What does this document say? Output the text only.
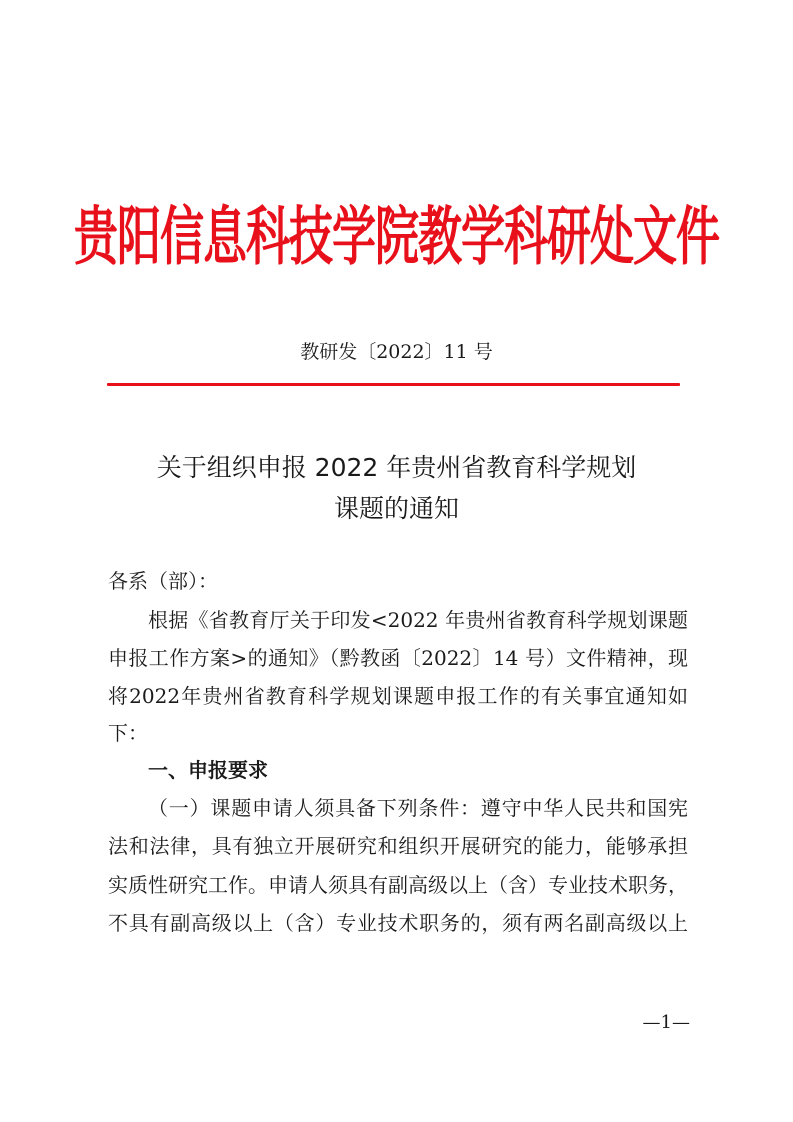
贵阳信息科技学院教学科研处文件
教研发〔2022〕11 号
关于组织申报 2022 年贵州省教育科学规划
课题的通知
各系（部）：
根据《省教育厅关于印发<2022 年贵州省教育科学规划课题
申报工作方案>的通知》（黔教函〔2022〕14 号）文件精神，现
将2022年贵州省教育科学规划课题申报工作的有关事宜通知如
下：
一、申报要求
（一）课题申请人须具备下列条件：遵守中华人民共和国宪
法和法律，具有独立开展研究和组织开展研究的能力，能够承担
实质性研究工作。申请人须具有副高级以上（含）专业技术职务，
不具有副高级以上（含）专业技术职务的，须有两名副高级以上
—1—
